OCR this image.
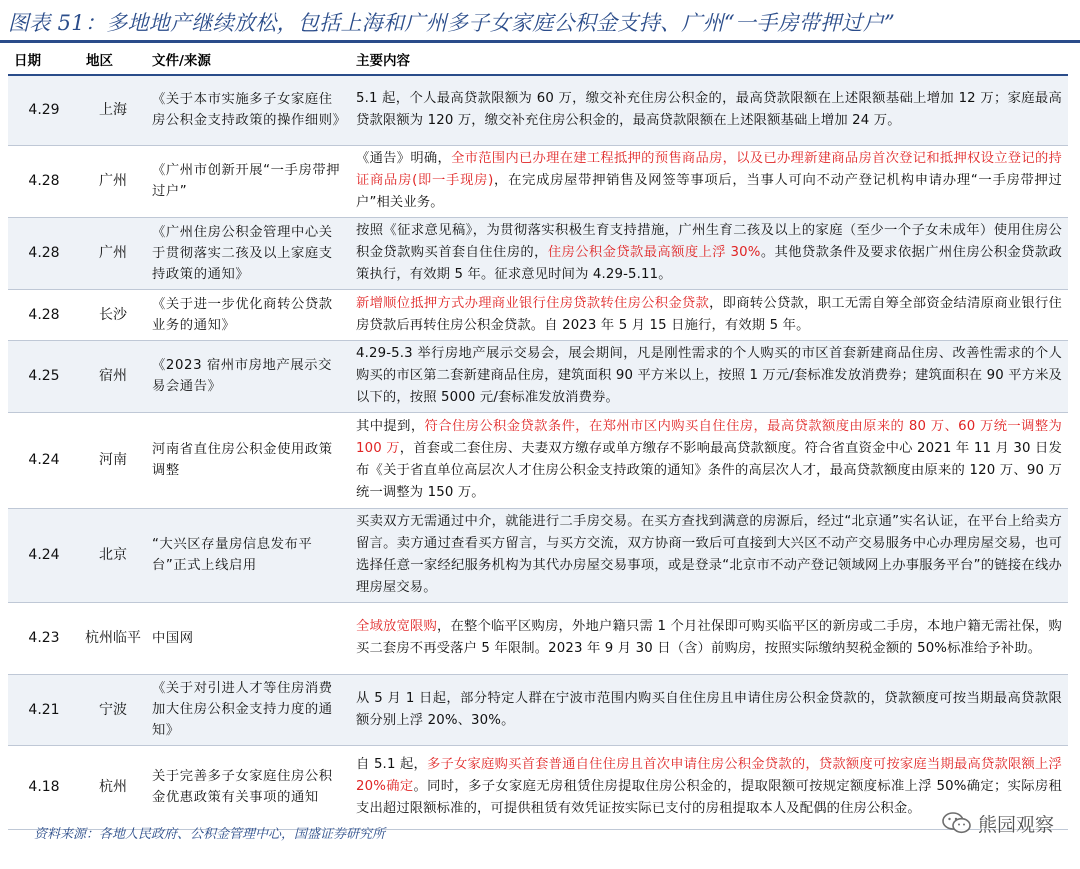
图表 51：多地地产继续放松，包括上海和广州多子女家庭公积金支持、广州“一手房带押过户”
日期	地区	文件/来源	主要内容
4.29	上海	《关于本市实施多子女家庭住房公积金支持政策的操作细则》	5.1 起，个人最高贷款限额为 60 万，缴交补充住房公积金的，最高贷款限额在上述限额基础上增加 12 万；家庭最高贷款限额为 120 万，缴交补充住房公积金的，最高贷款限额在上述限额基础上增加 24 万。
4.28	广州	《广州市创新开展“一手房带押过户”	《通告》明确，全市范围内已办理在建工程抵押的预售商品房，以及已办理新建商品房首次登记和抵押权设立登记的持证商品房(即一手现房)，在完成房屋带押销售及网签等事项后，当事人可向不动产登记机构申请办理“一手房带押过户”相关业务。
4.28	广州	《广州住房公积金管理中心关于贯彻落实二孩及以上家庭支持政策的通知》	按照《征求意见稿》，为贯彻落实积极生育支持措施，广州生育二孩及以上的家庭（至少一个子女未成年）使用住房公积金贷款购买首套自住住房的，住房公积金贷款最高额度上浮 30%。其他贷款条件及要求依据广州住房公积金贷款政策执行，有效期 5 年。征求意见时间为 4.29-5.11。
4.28	长沙	《关于进一步优化商转公贷款业务的通知》	新增顺位抵押方式办理商业银行住房贷款转住房公积金贷款，即商转公贷款，职工无需自筹全部资金结清原商业银行住房贷款后再转住房公积金贷款。自 2023 年 5 月 15 日施行，有效期 5 年。
4.25	宿州	《2023 宿州市房地产展示交易会通告》	4.29-5.3 举行房地产展示交易会，展会期间，凡是刚性需求的个人购买的市区首套新建商品住房、改善性需求的个人购买的市区第二套新建商品住房，建筑面积 90 平方米以上，按照 1 万元/套标准发放消费券；建筑面积在 90 平方米及以下的，按照 5000 元/套标准发放消费券。
4.24	河南	河南省直住房公积金使用政策调整	其中提到，符合住房公积金贷款条件，在郑州市区内购买自住住房，最高贷款额度由原来的 80 万、60 万统一调整为 100 万，首套或二套住房、夫妻双方缴存或单方缴存不影响最高贷款额度。符合省直资金中心 2021 年 11 月 30 日发布《关于省直单位高层次人才住房公积金支持政策的通知》条件的高层次人才，最高贷款额度由原来的 120 万、90 万统一调整为 150 万。
4.24	北京	“大兴区存量房信息发布平台”正式上线启用	买卖双方无需通过中介，就能进行二手房交易。在买方查找到满意的房源后，经过“北京通”实名认证，在平台上给卖方留言。卖方通过查看买方留言，与买方交流，双方协商一致后可直接到大兴区不动产交易服务中心办理房屋交易，也可选择任意一家经纪服务机构为其代办房屋交易事项，或是登录“北京市不动产登记领域网上办事服务平台”的链接在线办理房屋交易。
4.23	杭州临平	中国网	全域放宽限购，在整个临平区购房，外地户籍只需 1 个月社保即可购买临平区的新房或二手房，本地户籍无需社保，购买二套房不再受落户 5 年限制。2023 年 9 月 30 日（含）前购房，按照实际缴纳契税金额的 50%标准给予补助。
4.21	宁波	《关于对引进人才等住房消费加大住房公积金支持力度的通知》	从 5 月 1 日起，部分特定人群在宁波市范围内购买自住住房且申请住房公积金贷款的，贷款额度可按当期最高贷款限额分别上浮 20%、30%。
4.18	杭州	关于完善多子女家庭住房公积金优惠政策有关事项的通知	自 5.1 起，多子女家庭购买首套普通自住住房且首次申请住房公积金贷款的，贷款额度可按家庭当期最高贷款限额上浮 20%确定。同时，多子女家庭无房租赁住房提取住房公积金的，提取限额可按规定额度标准上浮 50%确定；实际房租支出超过限额标准的，可提供租赁有效凭证按实际已支付的房租提取本人及配偶的住房公积金。
资料来源：各地人民政府、公积金管理中心，国盛证券研究所	熊园观察
